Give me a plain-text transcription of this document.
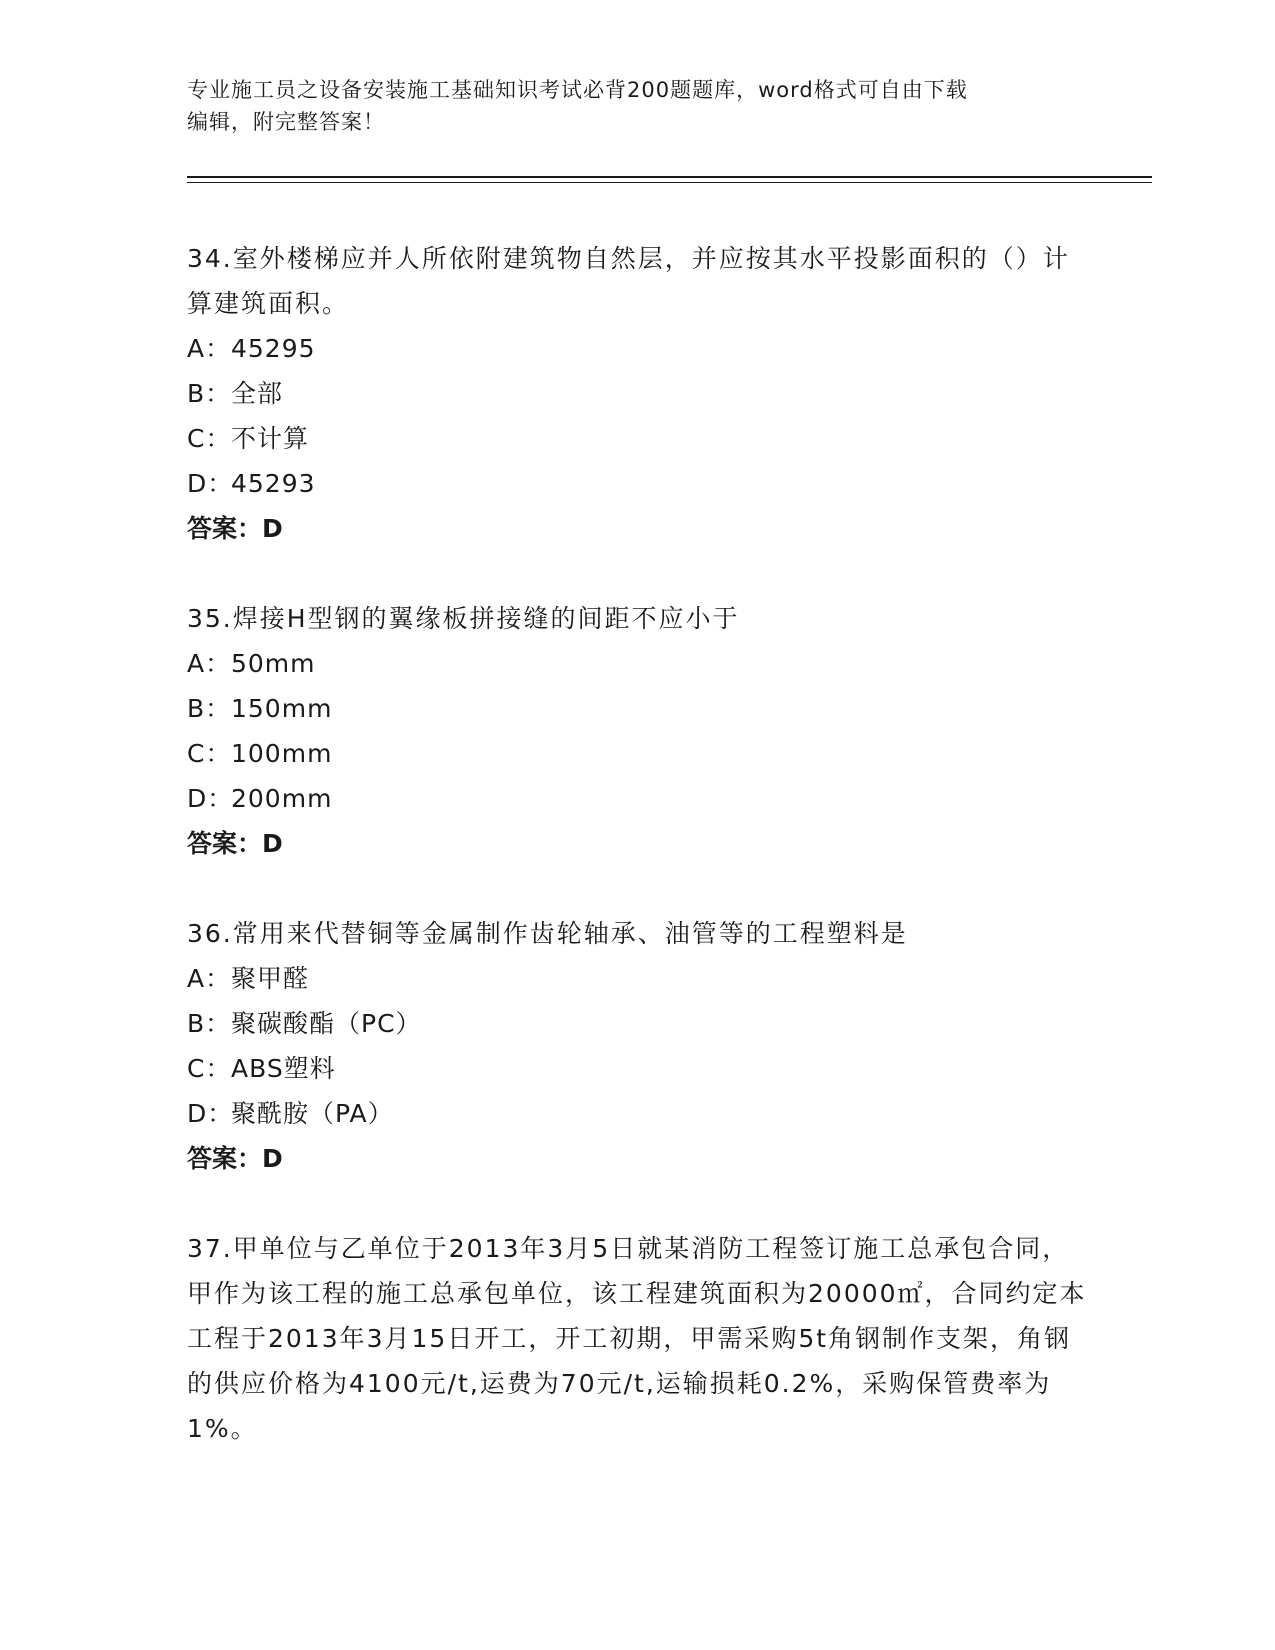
专业施工员之设备安装施工基础知识考试必背200题题库，word格式可自由下载
编辑，附完整答案！

34.室外楼梯应并人所依附建筑物自然层，并应按其水平投影面积的（）计算建筑面积。

A：45295

B：全部

C：不计算

D：45293

答案：D

35.焊接H型钢的翼缘板拼接缝的间距不应小于

A：50mm

B：150mm

C：100mm

D：200mm

答案：D

36.常用来代替铜等金属制作齿轮轴承、油管等的工程塑料是

A：聚甲醛

B：聚碳酸酯（PC）

C：ABS塑料

D：聚酰胺（PA）

答案：D

37.甲单位与乙单位于2013年3月5日就某消防工程签订施工总承包合同，甲作为该工程的施工总承包单位，该工程建筑面积为20000㎡，合同约定本工程于2013年3月15日开工，开工初期，甲需采购5t角钢制作支架，角钢的供应价格为4100元/t,运费为70元/t,运输损耗0.2%，采购保管费率为1%。
